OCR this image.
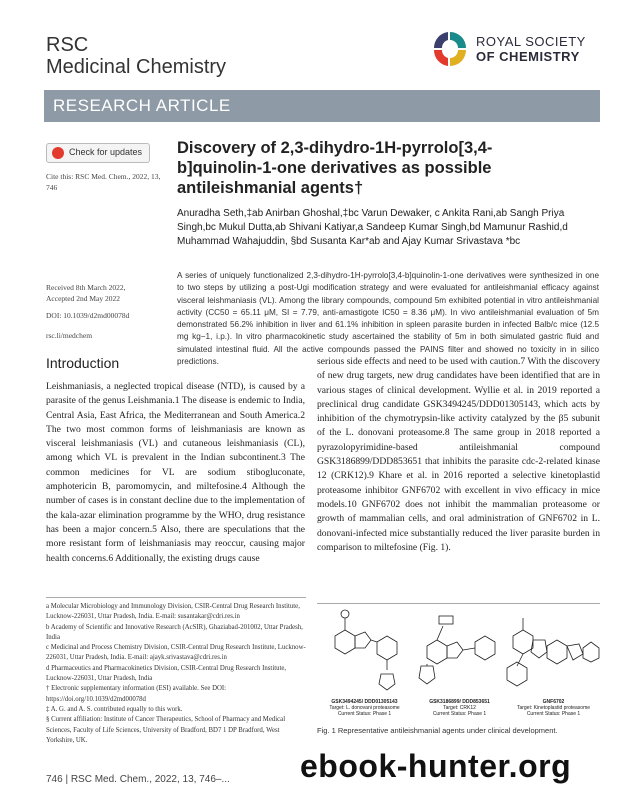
RSC
Medicinal Chemistry
ROYAL SOCIETY
OF CHEMISTRY
RESEARCH ARTICLE
Check for updates
Cite this: RSC Med. Chem., 2022, 13, 746
Received 8th March 2022,
Accepted 2nd May 2022
DOI: 10.1039/d2md00078d
rsc.li/medchem
Discovery of 2,3-dihydro-1H-pyrrolo[3,4-b]quinolin-1-one derivatives as possible antileishmanial agents†
Anuradha Seth,‡ab Anirban Ghoshal,‡bc Varun Dewaker, c Ankita Rani,ab Sangh Priya Singh,bc Mukul Dutta,ab Shivani Katiyar,a Sandeep Kumar Singh,bd Mamunur Rashid,d Muhammad Wahajuddin, §bd Susanta Kar*ab and Ajay Kumar Srivastava *bc
A series of uniquely functionalized 2,3-dihydro-1H-pyrrolo[3,4-b]quinolin-1-one derivatives were synthesized in one to two steps by utilizing a post-Ugi modification strategy and were evaluated for antileishmanial efficacy against visceral leishmaniasis (VL). Among the library compounds, compound 5m exhibited potential in vitro antileishmanial activity (CC50 = 65.11 μM, SI = 7.79, anti-amastigote IC50 = 8.36 μM). In vivo antileishmanial evaluation of 5m demonstrated 56.2% inhibition in liver and 61.1% inhibition in spleen parasite burden in infected Balb/c mice (12.5 mg kg−1, i.p.). In vitro pharmacokinetic study ascertained the stability of 5m in both simulated gastric fluid and simulated intestinal fluid. All the active compounds passed the PAINS filter and showed no toxicity in in silico predictions.
Introduction
Leishmaniasis, a neglected tropical disease (NTD), is caused by a parasite of the genus Leishmania.1 The disease is endemic to India, Central Asia, East Africa, the Mediterranean and South America.2 The two most common forms of leishmaniasis are known as visceral leishmaniasis (VL) and cutaneous leishmaniasis (CL), among which VL is prevalent in the Indian subcontinent.3 The common medicines for VL are sodium stibogluconate, amphotericin B, paromomycin, and miltefosine.4 Although the number of cases is in constant decline due to the implementation of the kala-azar elimination programme by the WHO, drug resistance has been a major concern.5 Also, there are speculations that the more resistant form of leishmaniasis may reoccur, causing major health concerns.6 Additionally, the existing drugs cause
serious side effects and need to be used with caution.7 With the discovery of new drug targets, new drug candidates have been identified that are in various stages of clinical development. Wyllie et al. in 2019 reported a preclinical drug candidate GSK3494245/DDD01305143, which acts by inhibition of the chymotrypsin-like activity catalyzed by the β5 subunit of the L. donovani proteasome.8 The same group in 2018 reported a pyrazolopyrimidine-based antileishmanial compound GSK3186899/DDD853651 that inhibits the parasite cdc-2-related kinase 12 (CRK12).9 Khare et al. in 2016 reported a selective kinetoplastid proteasome inhibitor GNF6702 with excellent in vivo efficacy in mice models.10 GNF6702 does not inhibit the mammalian proteasome or growth of mammalian cells, and oral administration of GNF6702 in L. donovani-infected mice substantially reduced the liver parasite burden in comparison to miltefosine (Fig. 1).
a Molecular Microbiology and Immunology Division, CSIR-Central Drug Research Institute, Lucknow-226031, Uttar Pradesh, India. E-mail: susantakar@cdri.res.in
b Academy of Scientific and Innovative Research (AcSIR), Ghaziabad-201002, Uttar Pradesh, India
c Medicinal and Process Chemistry Division, CSIR-Central Drug Research Institute, Lucknow-226031, Uttar Pradesh, India. E-mail: ajayk.srivastava@cdri.res.in
d Pharmaceutics and Pharmacokinetics Division, CSIR-Central Drug Research Institute, Lucknow-226031, Uttar Pradesh, India
† Electronic supplementary information (ESI) available. See DOI: https://doi.org/10.1039/d2md00078d
‡ A. G. and A. S. contributed equally to this work.
§ Current affiliation: Institute of Cancer Therapeutics, School of Pharmacy and Medical Sciences, Faculty of Life Sciences, University of Bradford, BD7 1 DP Bradford, West Yorkshire, UK.
GSK3494245/ DDD01305143
Target: L. donovani proteasome
Current Status: Phase 1
GSK3186899/ DDD853651
Target: CRK12
Current Status: Phase 1
GNF6702
Target: Kinetoplastid proteasome
Current Status: Phase 1
Fig. 1 Representative antileishmanial agents under clinical development.
746 | RSC Med. Chem., 2022, 13, 746–... ebook-hunter.org
